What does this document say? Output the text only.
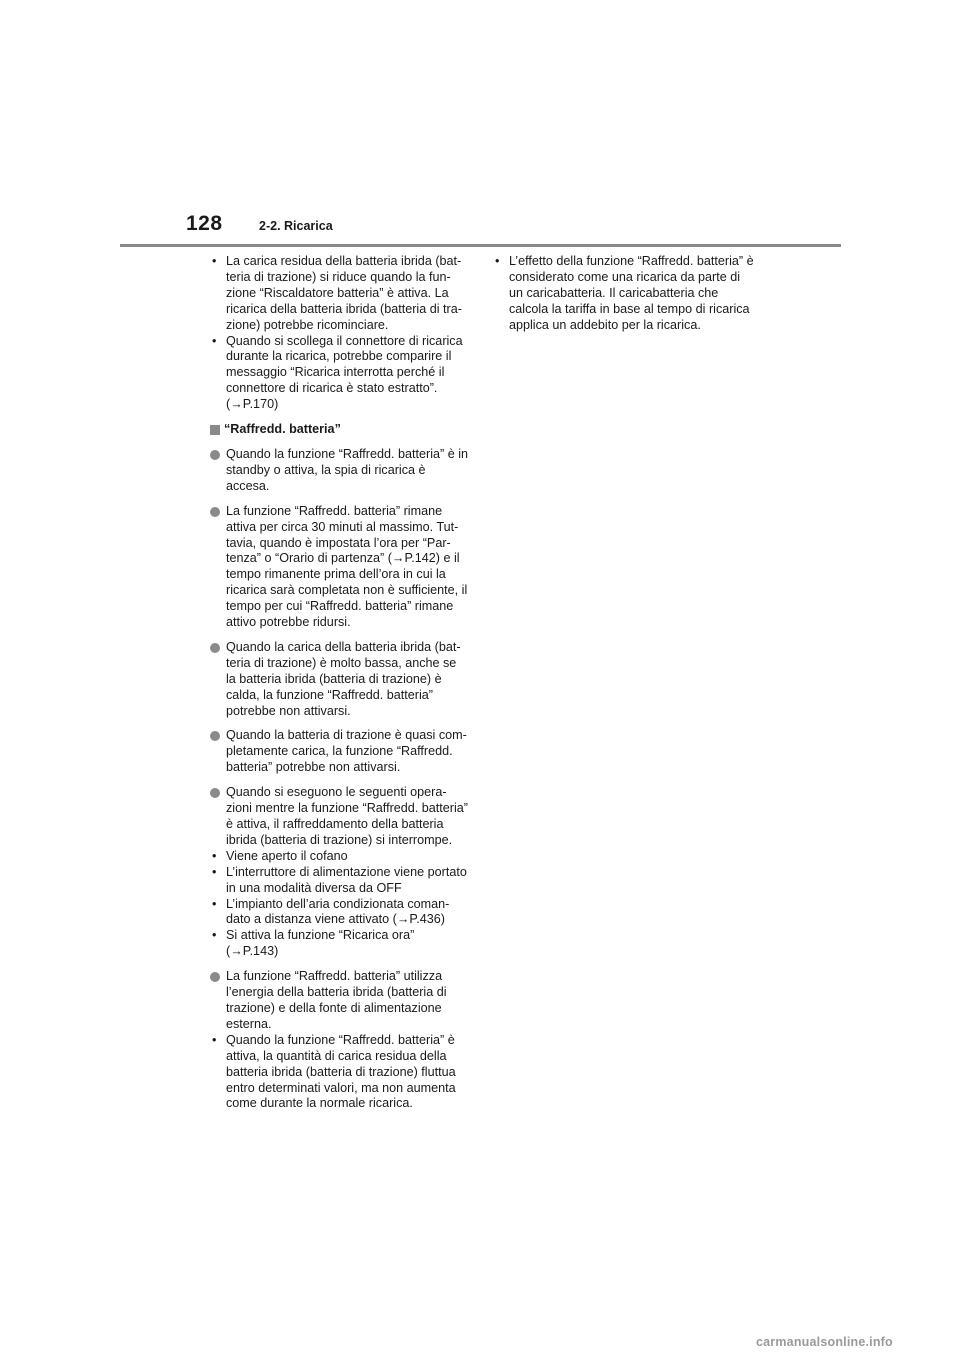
128	2-2. Ricarica
• La carica residua della batteria ibrida (batteria di trazione) si riduce quando la funzione “Riscaldatore batteria” è attiva. La ricarica della batteria ibrida (batteria di trazione) potrebbe ricominciare.
• Quando si scollega il connettore di ricarica durante la ricarica, potrebbe comparire il messaggio “Ricarica interrotta perché il connettore di ricarica è stato estratto”. (→P.170)
“Raffredd. batteria”
Quando la funzione “Raffredd. batteria” è in standby o attiva, la spia di ricarica è accesa.
La funzione “Raffredd. batteria” rimane attiva per circa 30 minuti al massimo. Tuttavia, quando è impostata l’ora per “Partenza” o “Orario di partenza” (→P.142) e il tempo rimanente prima dell’ora in cui la ricarica sarà completata non è sufficiente, il tempo per cui “Raffredd. batteria” rimane attivo potrebbe ridursi.
Quando la carica della batteria ibrida (batteria di trazione) è molto bassa, anche se la batteria ibrida (batteria di trazione) è calda, la funzione “Raffredd. batteria” potrebbe non attivarsi.
Quando la batteria di trazione è quasi completamente carica, la funzione “Raffredd. batteria” potrebbe non attivarsi.
Quando si eseguono le seguenti operazioni mentre la funzione “Raffredd. batteria” è attiva, il raffreddamento della batteria ibrida (batteria di trazione) si interrompe.
• Viene aperto il cofano
• L’interruttore di alimentazione viene portato in una modalità diversa da OFF
• L’impianto dell’aria condizionata comandato a distanza viene attivato (→P.436)
• Si attiva la funzione “Ricarica ora” (→P.143)
La funzione “Raffredd. batteria” utilizza l’energia della batteria ibrida (batteria di trazione) e della fonte di alimentazione esterna.
• Quando la funzione “Raffredd. batteria” è attiva, la quantità di carica residua della batteria ibrida (batteria di trazione) fluttua entro determinati valori, ma non aumenta come durante la normale ricarica.
• L’effetto della funzione “Raffredd. batteria” è considerato come una ricarica da parte di un caricabatteria. Il caricabatteria che calcola la tariffa in base al tempo di ricarica applica un addebito per la ricarica.
carmanualsonline.info
